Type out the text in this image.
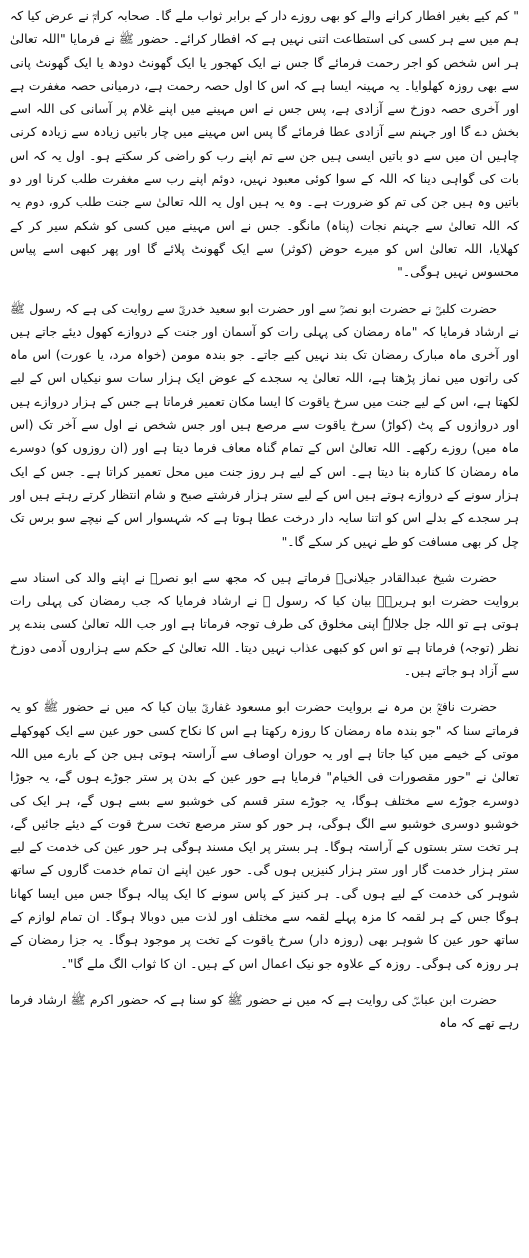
" کم کیے بغیر افطار کرانے والے کو بھی روزے دار کے برابر ثواب ملے گا۔ صحابہ کرامؓ نے عرض کیا کہ ہم میں سے ہر کسی کی استطاعت اتنی نہیں ہے کہ افطار کرائے۔ حضور ﷺ نے فرمایا "اللہ تعالیٰ ہر اس شخص کو اجر رحمت فرمائے گا جس نے ایک کھجور یا ایک گھونٹ دودھ یا ایک گھونٹ پانی سے بھی روزہ کھلوایا۔ یہ مہینہ ایسا ہے کہ اس کا اول حصہ رحمت ہے، درمیانی حصہ مغفرت ہے اور آخری حصہ دوزخ سے آزادی ہے، پس جس نے اس مہینے میں اپنے غلام پر آسانی کی اللہ اسے بخش دے گا اور جہنم سے آزادی عطا فرمائے گا پس اس مہینے میں چار باتیں زیادہ سے زیادہ کرنی چاہیں ان میں سے دو باتیں ایسی ہیں جن سے تم اپنے رب کو راضی کر سکتے ہو۔ اول یہ کہ اس بات کی گواہی دینا کہ اللہ کے سوا کوئی معبود نہیں، دوئم اپنے رب سے مغفرت طلب کرنا اور دو باتیں وہ ہیں جن کی تم کو ضرورت ہے۔ وہ یہ ہیں اول یہ اللہ تعالیٰ سے جنت طلب کرو، دوم یہ کہ اللہ تعالیٰ سے جہنم نجات (پناہ) مانگو۔ جس نے اس مہینے میں کسی کو شکم سیر کر کے کھلایا، اللہ تعالیٰ اس کو میرے حوض (کوثر) سے ایک گھونٹ پلائے گا اور پھر کبھی اسے پیاس محسوس نہیں ہوگی۔"

حضرت کلبیؒ نے حضرت ابو نصرؒ سے اور حضرت ابو سعید خدریؓ سے روایت کی ہے کہ رسول ﷺ نے ارشاد فرمایا کہ "ماہ رمضان کی پہلی رات کو آسمان اور جنت کے دروازے کھول دیئے جاتے ہیں اور آخری ماہ مبارک رمضان تک بند نہیں کیے جاتے۔ جو بندہ مومن (خواہ مرد، یا عورت) اس ماہ کی راتوں میں نماز پڑھتا ہے، اللہ تعالیٰ یہ سجدے کے عوض ایک ہزار سات سو نیکیاں اس کے لیے لکھتا ہے، اس کے لیے جنت میں سرخ یاقوت کا ایسا مکان تعمیر فرماتا ہے جس کے ہزار دروازے ہیں اور دروازوں کے پٹ (کواڑ) سرخ یاقوت سے مرصع ہیں اور جس شخص نے اول سے آخر تک (اس ماہ میں) روزے رکھے۔ اللہ تعالیٰ اس کے تمام گناہ معاف فرما دیتا ہے اور (ان روزوں کو) دوسرے ماہ رمضان کا کنارہ بنا دیتا ہے۔ اس کے لیے ہر روز جنت میں محل تعمیر کراتا ہے۔ جس کے ایک ہزار سونے کے دروازے ہوتے ہیں اس کے لیے ستر ہزار فرشتے صبح و شام انتظار کرتے رہتے ہیں اور ہر سجدے کے بدلے اس کو اتنا سایہ دار درخت عطا ہوتا ہے کہ شہسوار اس کے نیچے سو برس تک چل کر بھی مسافت کو طے نہیں کر سکے گا۔"

حضرت شیخ عبدالقادر جیلانیؒ فرماتے ہیں کہ مجھ سے ابو نصرؒ نے اپنے والد کی اسناد سے بروایت حضرت ابو ہریرہؓ بیان کیا کہ رسول ﷺ نے ارشاد فرمایا کہ جب رمضان کی پہلی رات ہوتی ہے تو اللہ جل جلالہٗ اپنی مخلوق کی طرف توجہ فرماتا ہے اور جب اللہ تعالیٰ کسی بندے پر نظر (توجہ) فرماتا ہے تو اس کو کبھی عذاب نہیں دیتا۔ اللہ تعالیٰ کے حکم سے ہزاروں آدمی دوزخ سے آزاد ہو جاتے ہیں۔

حضرت نافعؒ بن مرہ نے بروایت حضرت ابو مسعود غفاریؓ بیان کیا کہ میں نے حضور ﷺ کو یہ فرماتے سنا کہ "جو بندہ ماہ رمضان کا روزہ رکھتا ہے اس کا نکاح کسی حور عین سے ایک کھوکھلے موتی کے خیمے میں کیا جاتا ہے اور یہ حوران اوصاف سے آراستہ ہوتی ہیں جن کے بارے میں اللہ تعالیٰ نے "حور مقصورات فی الخیام" فرمایا ہے حور عین کے بدن پر ستر جوڑے ہوں گے، یہ جوڑا دوسرے جوڑے سے مختلف ہوگا، یہ جوڑے ستر قسم کی خوشبو سے بسے ہوں گے، ہر ایک کی خوشبو دوسری خوشبو سے الگ ہوگی، ہر حور کو ستر مرصع تخت سرخ قوت کے دیئے جائیں گے، ہر تخت ستر بستوں کے آراستہ ہوگا۔ ہر بستر پر ایک مسند ہوگی ہر حور عین کی خدمت کے لیے ستر ہزار خدمت گار اور ستر ہزار کنیزیں ہوں گی۔ حور عین اپنے ان تمام خدمت گاروں کے ساتھ شوہر کی خدمت کے لیے ہوں گی۔ ہر کنیز کے پاس سونے کا ایک پیالہ ہوگا جس میں ایسا کھانا ہوگا جس کے ہر لقمہ کا مزہ پہلے لقمہ سے مختلف اور لذت میں دوبالا ہوگا۔ ان تمام لوازم کے ساتھ حور عین کا شوہر بھی (روزہ دار) سرخ یاقوت کے تخت پر موجود ہوگا۔ یہ جزا رمضان کے ہر روزہ کی ہوگی۔ روزہ کے علاوہ جو نیک اعمال اس کے ہیں۔ ان کا ثواب الگ ملے گا"۔

حضرت ابن عباسؓ کی روایت ہے کہ میں نے حضور ﷺ کو سنا ہے کہ حضور اکرم ﷺ ارشاد فرما رہے تھے کہ ماہ
